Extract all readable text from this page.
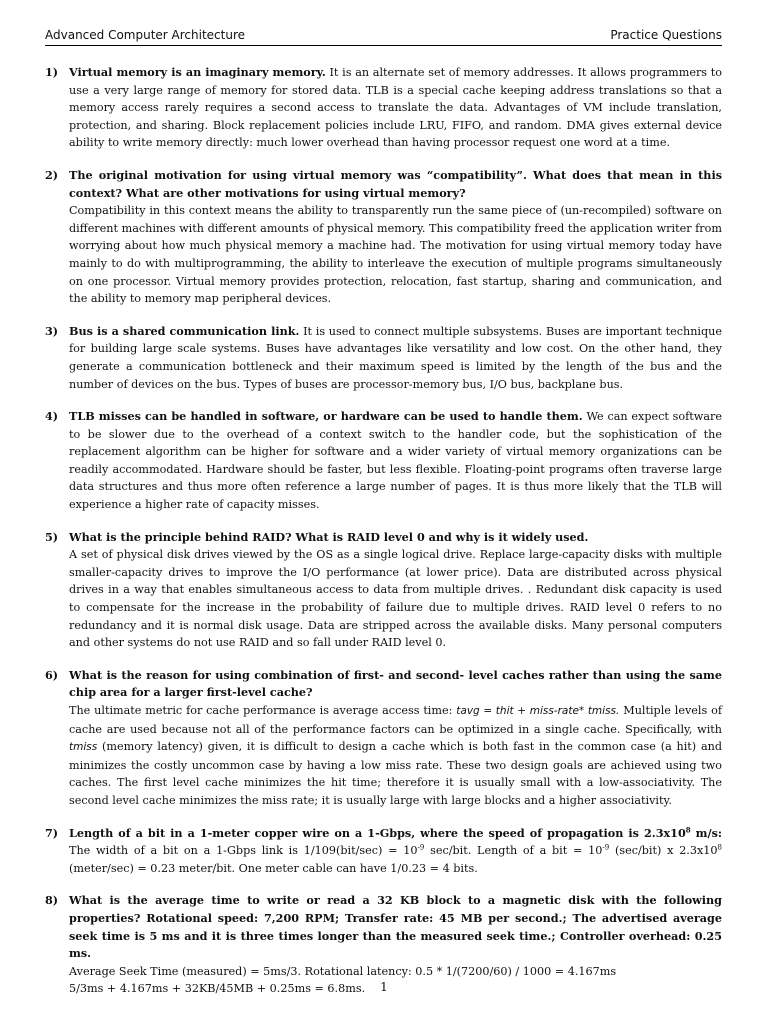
Advanced Computer Architecture	Practice Questions
1) Virtual memory is an imaginary memory. It is an alternate set of memory addresses. It allows programmers to use a very large range of memory for stored data. TLB is a special cache keeping address translations so that a memory access rarely requires a second access to translate the data. Advantages of VM include translation, protection, and sharing. Block replacement policies include LRU, FIFO, and random. DMA gives external device ability to write memory directly: much lower overhead than having processor request one word at a time.
2) The original motivation for using virtual memory was “compatibility”. What does that mean in this context? What are other motivations for using virtual memory?
Compatibility in this context means the ability to transparently run the same piece of (un-recompiled) software on different machines with different amounts of physical memory. This compatibility freed the application writer from worrying about how much physical memory a machine had. The motivation for using virtual memory today have mainly to do with multiprogramming, the ability to interleave the execution of multiple programs simultaneously on one processor. Virtual memory provides protection, relocation, fast startup, sharing and communication, and the ability to memory map peripheral devices.
3) Bus is a shared communication link. It is used to connect multiple subsystems. Buses are important technique for building large scale systems. Buses have advantages like versatility and low cost. On the other hand, they generate a communication bottleneck and their maximum speed is limited by the length of the bus and the number of devices on the bus. Types of buses are processor-memory bus, I/O bus, backplane bus.
4) TLB misses can be handled in software, or hardware can be used to handle them. We can expect software to be slower due to the overhead of a context switch to the handler code, but the sophistication of the replacement algorithm can be higher for software and a wider variety of virtual memory organizations can be readily accommodated. Hardware should be faster, but less flexible. Floating-point programs often traverse large data structures and thus more often reference a large number of pages. It is thus more likely that the TLB will experience a higher rate of capacity misses.
5) What is the principle behind RAID? What is RAID level 0 and why is it widely used.
A set of physical disk drives viewed by the OS as a single logical drive. Replace large-capacity disks with multiple smaller-capacity drives to improve the I/O performance (at lower price). Data are distributed across physical drives in a way that enables simultaneous access to data from multiple drives. . Redundant disk capacity is used to compensate for the increase in the probability of failure due to multiple drives. RAID level 0 refers to no redundancy and it is normal disk usage. Data are stripped across the available disks. Many personal computers and other systems do not use RAID and so fall under RAID level 0.
6) What is the reason for using combination of first- and second- level caches rather than using the same chip area for a larger first-level cache?
The ultimate metric for cache performance is average access time: tavg = thit + miss-rate* tmiss. Multiple levels of cache are used because not all of the performance factors can be optimized in a single cache. Specifically, with tmiss (memory latency) given, it is difficult to design a cache which is both fast in the common case (a hit) and minimizes the costly uncommon case by having a low miss rate. These two design goals are achieved using two caches. The first level cache minimizes the hit time; therefore it is usually small with a low-associativity. The second level cache minimizes the miss rate; it is usually large with large blocks and a higher associativity.
7) Length of a bit in a 1-meter copper wire on a 1-Gbps, where the speed of propagation is $2.3x10^8$ m/s: The width of a bit on a 1-Gbps link is $1/109(bit/\sec) = 10^{-9}$ sec/bit. Length of a bit = $10^{-9}$ (sec/bit) x $2.3x10^8$ (meter/sec) = 0.23 meter/bit. One meter cable can have 1/0.23 = 4 bits.
8) What is the average time to write or read a 32 KB block to a magnetic disk with the following properties? Rotational speed: 7,200 RPM; Transfer rate: 45 MB per second.; The advertised average seek time is 5 ms and it is three times longer than the measured seek time.; Controller overhead: 0.25 ms.
Average Seek Time (measured) = 5ms/3. Rotational latency: 0.5 * 1/(7200/60) / 1000 = 4.167ms
5/3ms + 4.167ms + 32KB/45MB + 0.25ms = 6.8ms.	1
